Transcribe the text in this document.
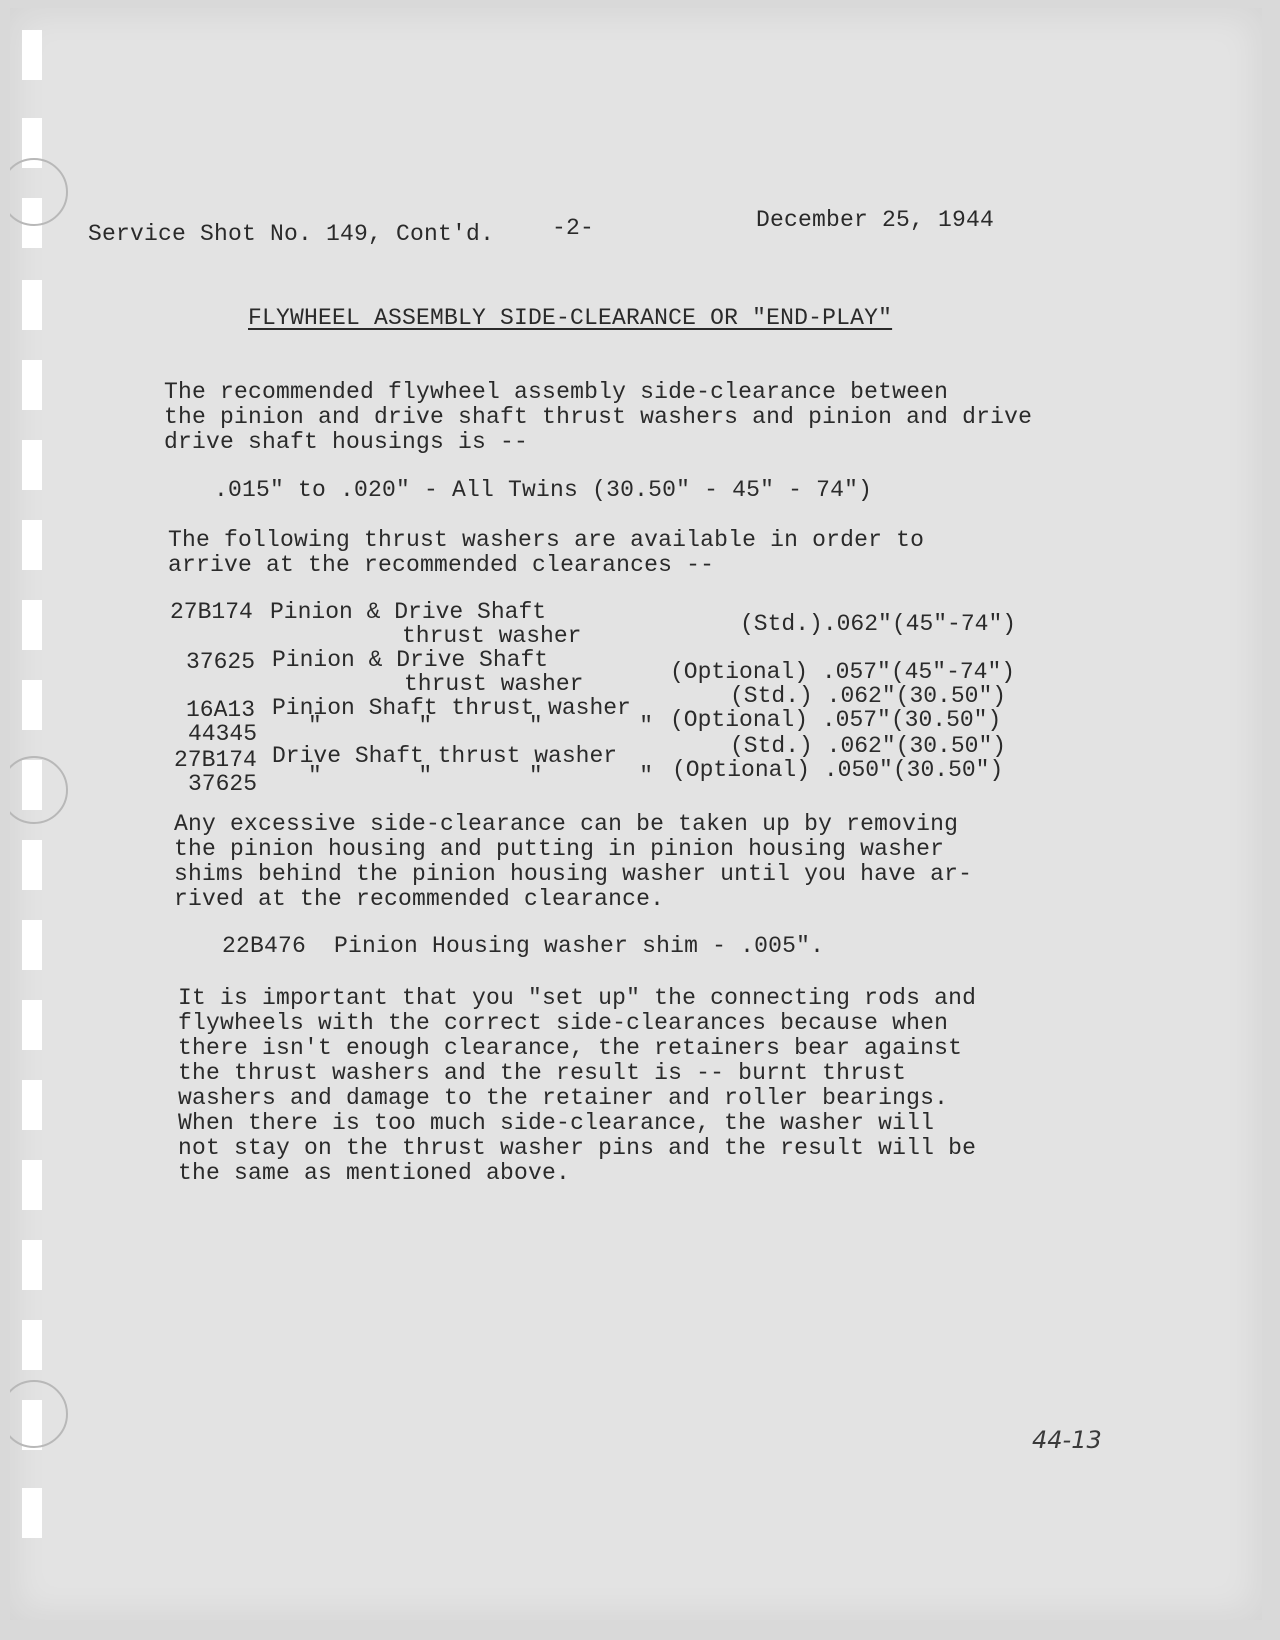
Service Shot No. 149, Cont'd.	-2-	December 25, 1944
FLYWHEEL ASSEMBLY SIDE-CLEARANCE OR "END-PLAY"
The recommended flywheel assembly side-clearance between
the pinion and drive shaft thrust washers and pinion and drive
drive shaft housings is --
.015" to .020" - All Twins (30.50" - 45" - 74")
The following thrust washers are available in order to
arrive at the recommended clearances --
27B174 Pinion & Drive Shaft
thrust washer	(Std.).062"(45"-74")
37625 Pinion & Drive Shaft
thrust washer	(Optional) .057"(45"-74")
16A13 Pinion Shaft thrust washer	(Std.) .062"(30.50")
44345 "       "       "       " (Optional) .057"(30.50")
27B174 Drive Shaft thrust washer	(Std.) .062"(30.50")
37625 "       "       "       " (Optional) .050"(30.50")
Any excessive side-clearance can be taken up by removing
the pinion housing and putting in pinion housing washer
shims behind the pinion housing washer until you have ar-
rived at the recommended clearance.
22B476  Pinion Housing washer shim - .005".
It is important that you "set up" the connecting rods and
flywheels with the correct side-clearances because when
there isn't enough clearance, the retainers bear against
the thrust washers and the result is -- burnt thrust
washers and damage to the retainer and roller bearings.
When there is too much side-clearance, the washer will
not stay on the thrust washer pins and the result will be
the same as mentioned above.
44-13
